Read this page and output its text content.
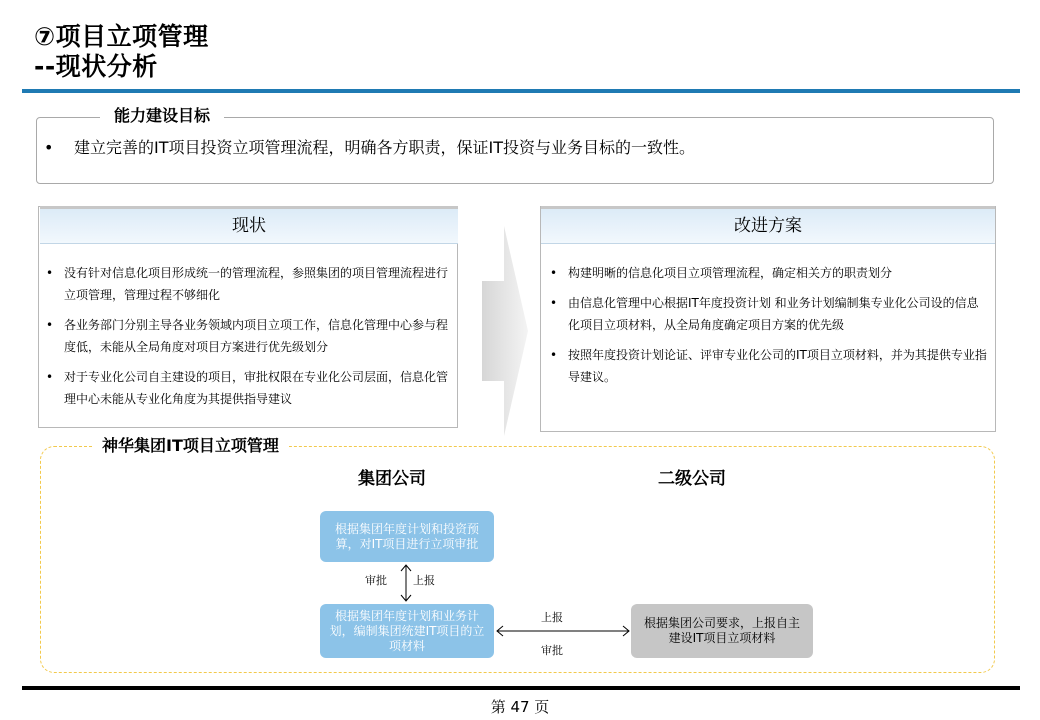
⑦项目立项管理
--现状分析
能力建设目标
• 建立完善的IT项目投资立项管理流程，明确各方职责，保证IT投资与业务目标的一致性。
现状
• 没有针对信息化项目形成统一的管理流程，参照集团的项目管理流程进行立项管理，管理过程不够细化
• 各业务部门分别主导各业务领域内项目立项工作，信息化管理中心参与程度低，未能从全局角度对项目方案进行优先级划分
• 对于专业化公司自主建设的项目，审批权限在专业化公司层面，信息化管理中心未能从专业化角度为其提供指导建议
改进方案
• 构建明晰的信息化项目立项管理流程，确定相关方的职责划分
• 由信息化管理中心根据IT年度投资计划 和业务计划编制集专业化公司设的信息化项目立项材料，从全局角度确定项目方案的优先级
• 按照年度投资计划论证、评审专业化公司的IT项目立项材料，并为其提供专业指导建议。
神华集团IT项目立项管理
集团公司	二级公司
根据集团年度计划和投资预算，对IT项目进行立项审批
根据集团年度计划和业务计划，编制集团统建IT项目的立项材料
根据集团公司要求，上报自主建设IT项目立项材料
审批 上报
上报
审批
第 47 页
